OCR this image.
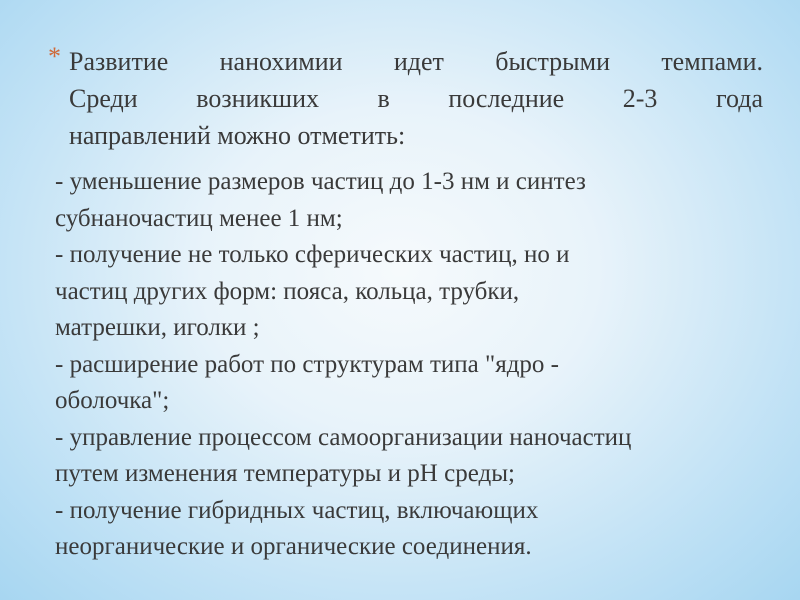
* Развитие нанохимии идет быстрыми темпами.
Среди возникших в последние 2-3 года
направлений можно отметить:
- уменьшение размеров частиц до 1-3 нм и синтез
субнаночастиц менее 1 нм;
- получение не только сферических частиц, но и
частиц других форм: пояса, кольца, трубки,
матрешки, иголки ;
- расширение работ по структурам типа "ядро -
оболочка";
- управление процессом самоорганизации наночастиц
путем изменения температуры и pH среды;
- получение гибридных частиц, включающих
неорганические и органические соединения.
